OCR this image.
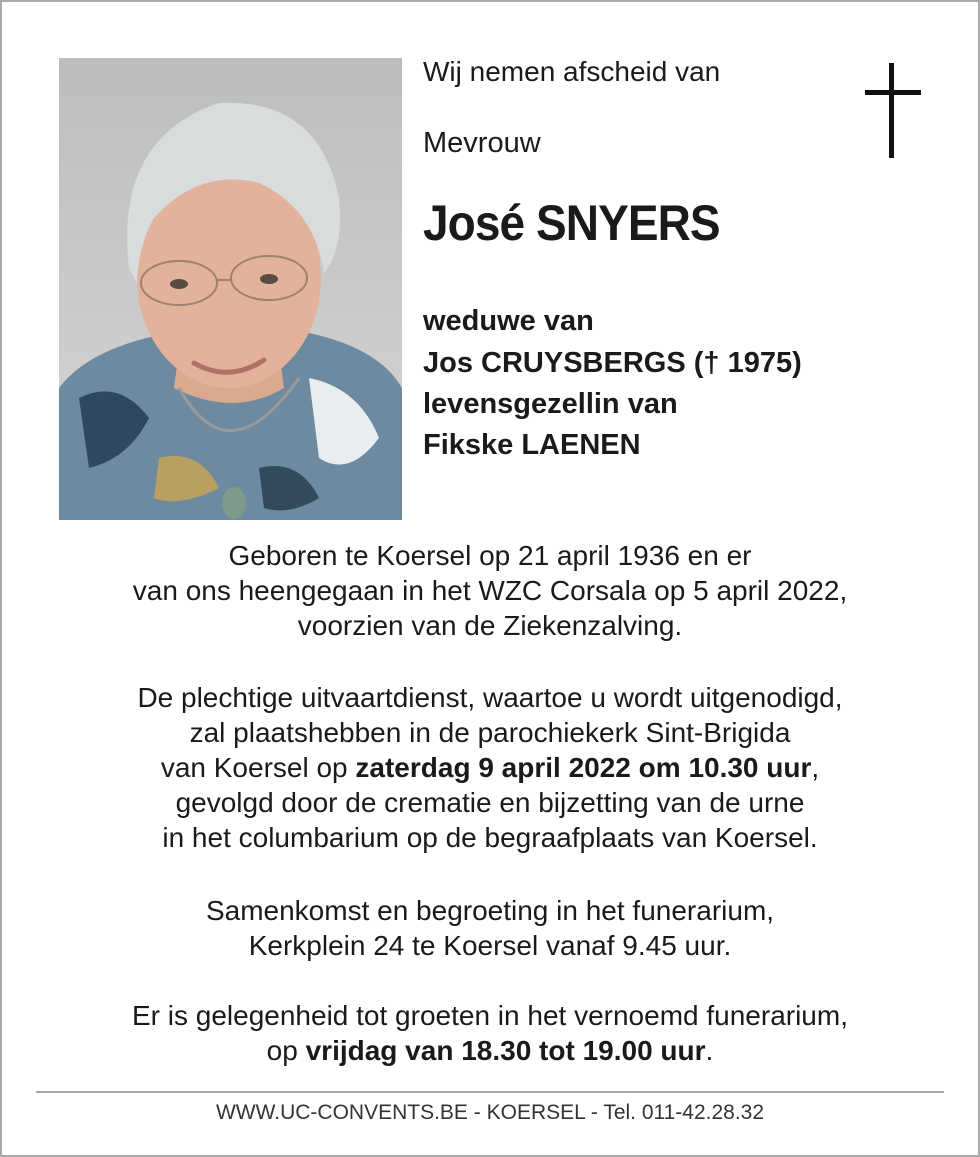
Wij nemen afscheid van
Mevrouw
José SNYERS
weduwe van
Jos CRUYSBERGS († 1975)
levensgezellin van
Fikske LAENEN
Geboren te Koersel op 21 april 1936 en er
van ons heengegaan in het WZC Corsala op 5 april 2022,
voorzien van de Ziekenzalving.
De plechtige uitvaartdienst, waartoe u wordt uitgenodigd,
zal plaatshebben in de parochiekerk Sint-Brigida
van Koersel op zaterdag 9 april 2022 om 10.30 uur,
gevolgd door de crematie en bijzetting van de urne
in het columbarium op de begraafplaats van Koersel.
Samenkomst en begroeting in het funerarium,
Kerkplein 24 te Koersel vanaf 9.45 uur.
Er is gelegenheid tot groeten in het vernoemd funerarium,
op vrijdag van 18.30 tot 19.00 uur.
WWW.UC-CONVENTS.BE - KOERSEL - Tel. 011-42.28.32
